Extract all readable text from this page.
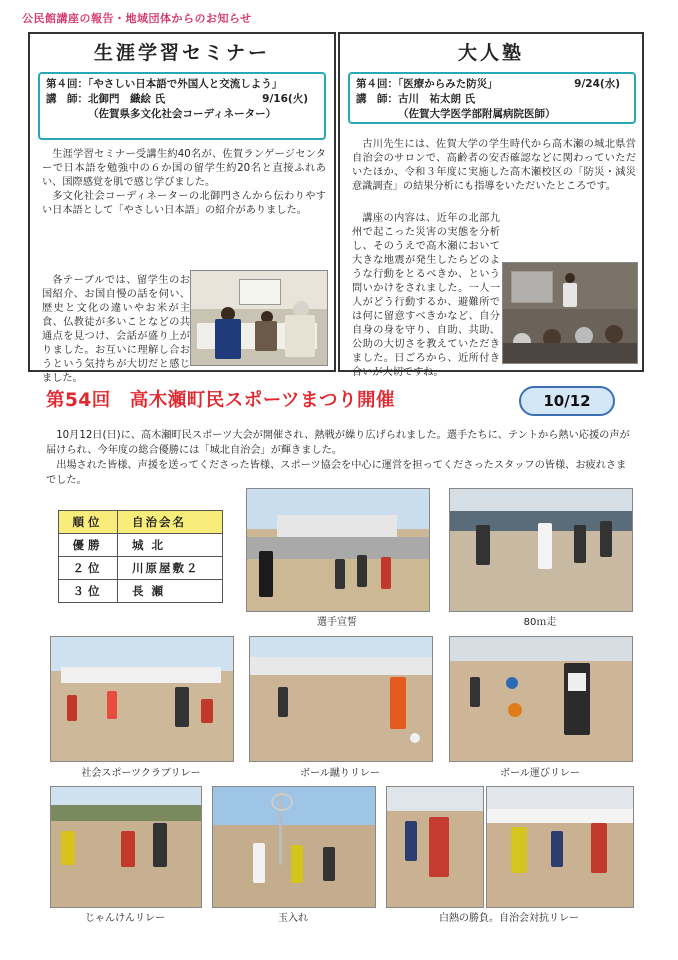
公民館講座の報告・地域団体からのお知らせ
生涯学習セミナー
第４回：「やさしい日本語で外国人と交流しよう」
9/16(火)
講　師：北御門　織絵 氏
（佐賀県多文化社会コーディネーター）

生涯学習セミナー受講生約40名が、佐賀ランゲージセンターで日本語を勉強中の６か国の留学生約20名と直接ふれあい、国際感覚を肌で感じ学びました。

多文化社会コーディネーターの北御門さんから伝わりやすい日本語として「やさしい日本語」の紹介がありました。

各テーブルでは、留学生のお国紹介、お国自慢の話を伺い、歴史と文化の違いやお米が主食、仏教徒が多いことなどの共通点を見つけ、会話が盛り上がりました。お互いに理解し合おうという気持ちが大切だと感じました。

大人塾
第４回：「医療からみた防災」	9/24(水)
講　師：古川　祐太朗 氏
（佐賀大学医学部附属病院医師）

古川先生には、佐賀大学の学生時代から高木瀬の城北県営自治会のサロンで、高齢者の安否確認などに関わっていただいたほか、令和３年度に実施した高木瀬校区の「防災・減災意識調査」の結果分析にも指導をいただいたところです。

講座の内容は、近年の北部九州で起こった災害の実態を分析し、そのうえで高木瀬において大きな地震が発生したらどのような行動をとるべきか、という問いかけをされました。一人一人がどう行動するか、避難所では何に留意すべきかなど、自分自身の身を守り、自助、共助、公助の大切さを教えていただきました。日ごろから、近所付き合いが大切ですね。

第54回　高木瀬町民スポーツまつり開催	10/12

10月12日(日)に、高木瀬町民スポーツ大会が開催され、熱戦が繰り広げられました。選手たちに、テントから熱い応援の声が届けられ、今年度の総合優勝には「城北自治会」が輝きました。

出場された皆様、声援を送ってくださった皆様、スポーツ協会を中心に運営を担ってくださったスタッフの皆様、お疲れさまでした。

順位	自治会名
優勝	城 北
２位	川原屋敷２
３位	長 瀬
選手宣誓	80ｍ走
社会スポーツクラブリレー	ボール蹴りリレー	ボール運びリレー
じゃんけんリレー	玉入れ	白熱の勝負。自治会対抗リレー
